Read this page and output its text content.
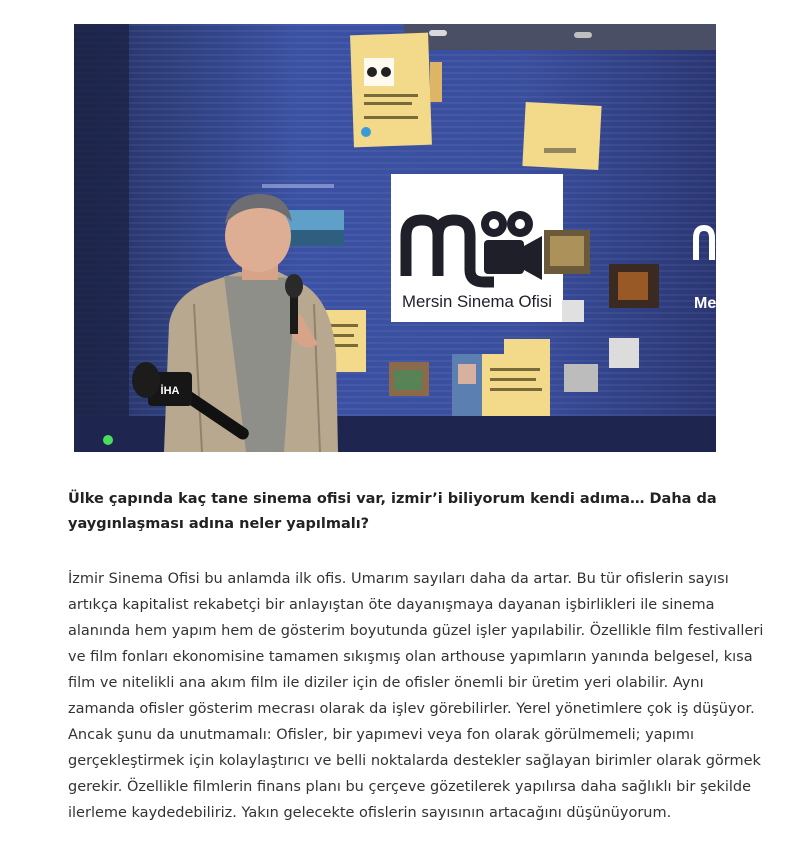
Mersin Sinema Ofisi	Mersin
İHA

Ülke çapında kaç tane sinema ofisi var, izmir’i biliyorum kendi adıma… Daha da yaygınlaşması adına neler yapılmalı?

İzmir Sinema Ofisi bu anlamda ilk ofis. Umarım sayıları daha da artar. Bu tür ofislerin sayısı artıkça kapitalist rekabetçi bir anlayıştan öte dayanışmaya dayanan işbirlikleri ile sinema alanında hem yapım hem de gösterim boyutunda güzel işler yapılabilir. Özellikle film festivalleri ve film fonları ekonomisine tamamen sıkışmış olan arthouse yapımların yanında belgesel, kısa film ve nitelikli ana akım film ile diziler için de ofisler önemli bir üretim yeri olabilir. Aynı zamanda ofisler gösterim mecrası olarak da işlev görebilirler. Yerel yönetimlere çok iş düşüyor. Ancak şunu da unutmamalı: Ofisler, bir yapımevi veya fon olarak görülmemeli; yapımı gerçekleştirmek için kolaylaştırıcı ve belli noktalarda destekler sağlayan birimler olarak görmek gerekir. Özellikle filmlerin finans planı bu çerçeve gözetilerek yapılırsa daha sağlıklı bir şekilde ilerleme kaydedebiliriz. Yakın gelecekte ofislerin sayısının artacağını düşünüyorum.
